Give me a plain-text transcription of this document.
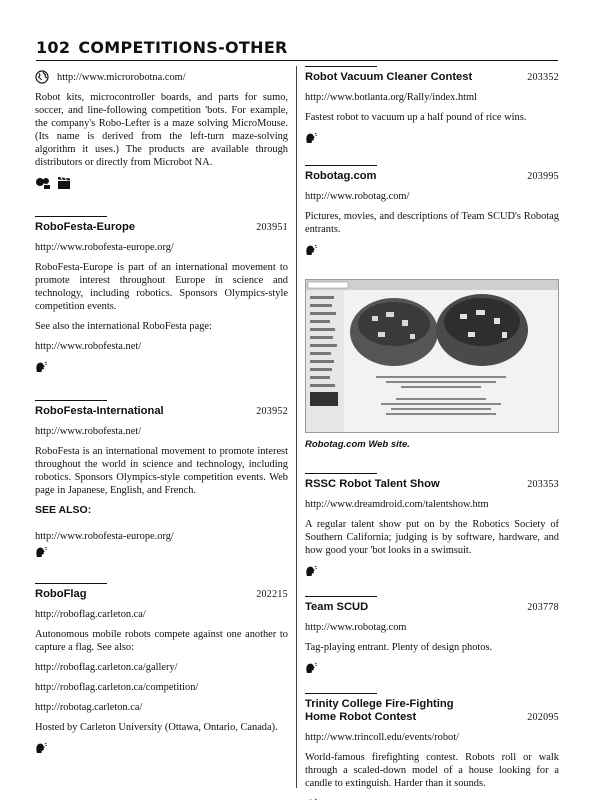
102 COMPETITIONS-OTHER
http://www.microrobotna.com/

Robot kits, microcontroller boards, and parts for sumo, soccer, and line-following competition 'bots. For example, the company's Robo-Lefter is a maze solving MicroMouse. (Its name is derived from the left-turn maze-solving algorithm it uses.) The products are available through distributors or directly from Microbot NA.

RoboFesta-Europe	203951
http://www.robofesta-europe.org/

RoboFesta-Europe is part of an international movement to promote interest throughout Europe in science and technology, including robotics. Sponsors Olympics-style competition events.

See also the international RoboFesta page:

http://www.robofesta.net/
RoboFesta-International	203952
http://www.robofesta.net/

RoboFesta is an international movement to promote interest throughout the world in science and technology, including robotics. Sponsors Olympics-style competition events. Web page in Japanese, English, and French.

SEE ALSO:
http://www.robofesta-europe.org/
RoboFlag	202215
http://roboflag.carleton.ca/

Autonomous mobile robots compete against one another to capture a flag. See also:

http://roboflag.carleton.ca/gallery/
http://roboflag.carleton.ca/competition/
http://robotag.carleton.ca/

Hosted by Carleton University (Ottawa, Ontario, Canada).

Robot Vacuum Cleaner Contest	203352
http://www.botlanta.org/Rally/index.html

Fastest robot to vacuum up a half pound of rice wins.

Robotag.com	203995
http://www.robotag.com/

Pictures, movies, and descriptions of Team SCUD's Robotag entrants.

Robotag.com Web site.
RSSC Robot Talent Show	203353
http://www.dreamdroid.com/talentshow.htm

A regular talent show put on by the Robotics Society of Southern California; judging is by software, hardware, and how good your 'bot looks in a swimsuit.

Team SCUD	203778
http://www.robotag.com

Tag-playing entrant. Plenty of design photos.

Trinity College Fire-Fighting
Home Robot Contest	202095
http://www.trincoll.edu/events/robot/

World-famous firefighting contest. Robots roll or walk through a scaled-down model of a house looking for a candle to extinguish. Harder than it sounds.
